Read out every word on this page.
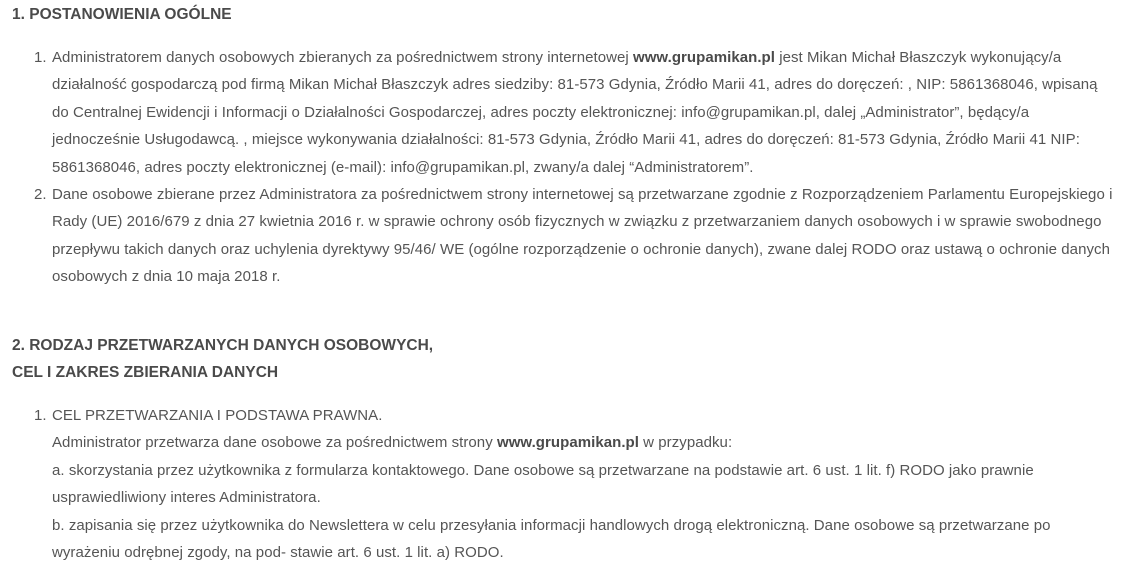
1. POSTANOWIENIA OGÓLNE
1. Administratorem danych osobowych zbieranych za pośrednictwem strony internetowej www.grupamikan.pl jest Mikan Michał Błaszczyk wykonujący/a działalność gospodarczą pod firmą Mikan Michał Błaszczyk adres siedziby: 81-573 Gdynia, Źródło Marii 41, adres do doręczeń: , NIP: 5861368046, wpisaną do Centralnej Ewidencji i Informacji o Działalności Gospodarczej, adres poczty elektronicznej: info@grupamikan.pl, dalej „Administrator”, będący/a jednocześnie Usługodawcą. , miejsce wykonywania działalności: 81-573 Gdynia, Źródło Marii 41, adres do doręczeń: 81-573 Gdynia, Źródło Marii 41 NIP: 5861368046, adres poczty elektronicznej (e-mail): info@grupamikan.pl, zwany/a dalej “Administratorem”.
2. Dane osobowe zbierane przez Administratora za pośrednictwem strony internetowej są przetwarzane zgodnie z Rozporządzeniem Parlamentu Europejskiego i Rady (UE) 2016/679 z dnia 27 kwietnia 2016 r. w sprawie ochrony osób fizycznych w związku z przetwarzaniem danych osobowych i w sprawie swobodnego przepływu takich danych oraz uchylenia dyrektywy 95/46/ WE (ogólne rozporządzenie o ochronie danych), zwane dalej RODO oraz ustawą o ochronie danych osobowych z dnia 10 maja 2018 r.
2. RODZAJ PRZETWARZANYCH DANYCH OSOBOWYCH,
CEL I ZAKRES ZBIERANIA DANYCH
1. CEL PRZETWARZANIA I PODSTAWA PRAWNA.
Administrator przetwarza dane osobowe za pośrednictwem strony www.grupamikan.pl w przypadku:
a. skorzystania przez użytkownika z formularza kontaktowego. Dane osobowe są przetwarzane na podstawie art. 6 ust. 1 lit. f) RODO jako prawnie usprawiedliwiony interes Administratora.
b. zapisania się przez użytkownika do Newslettera w celu przesyłania informacji handlowych drogą elektroniczną. Dane osobowe są przetwarzane po wyrażeniu odrębnej zgody, na pod- stawie art. 6 ust. 1 lit. a) RODO.
